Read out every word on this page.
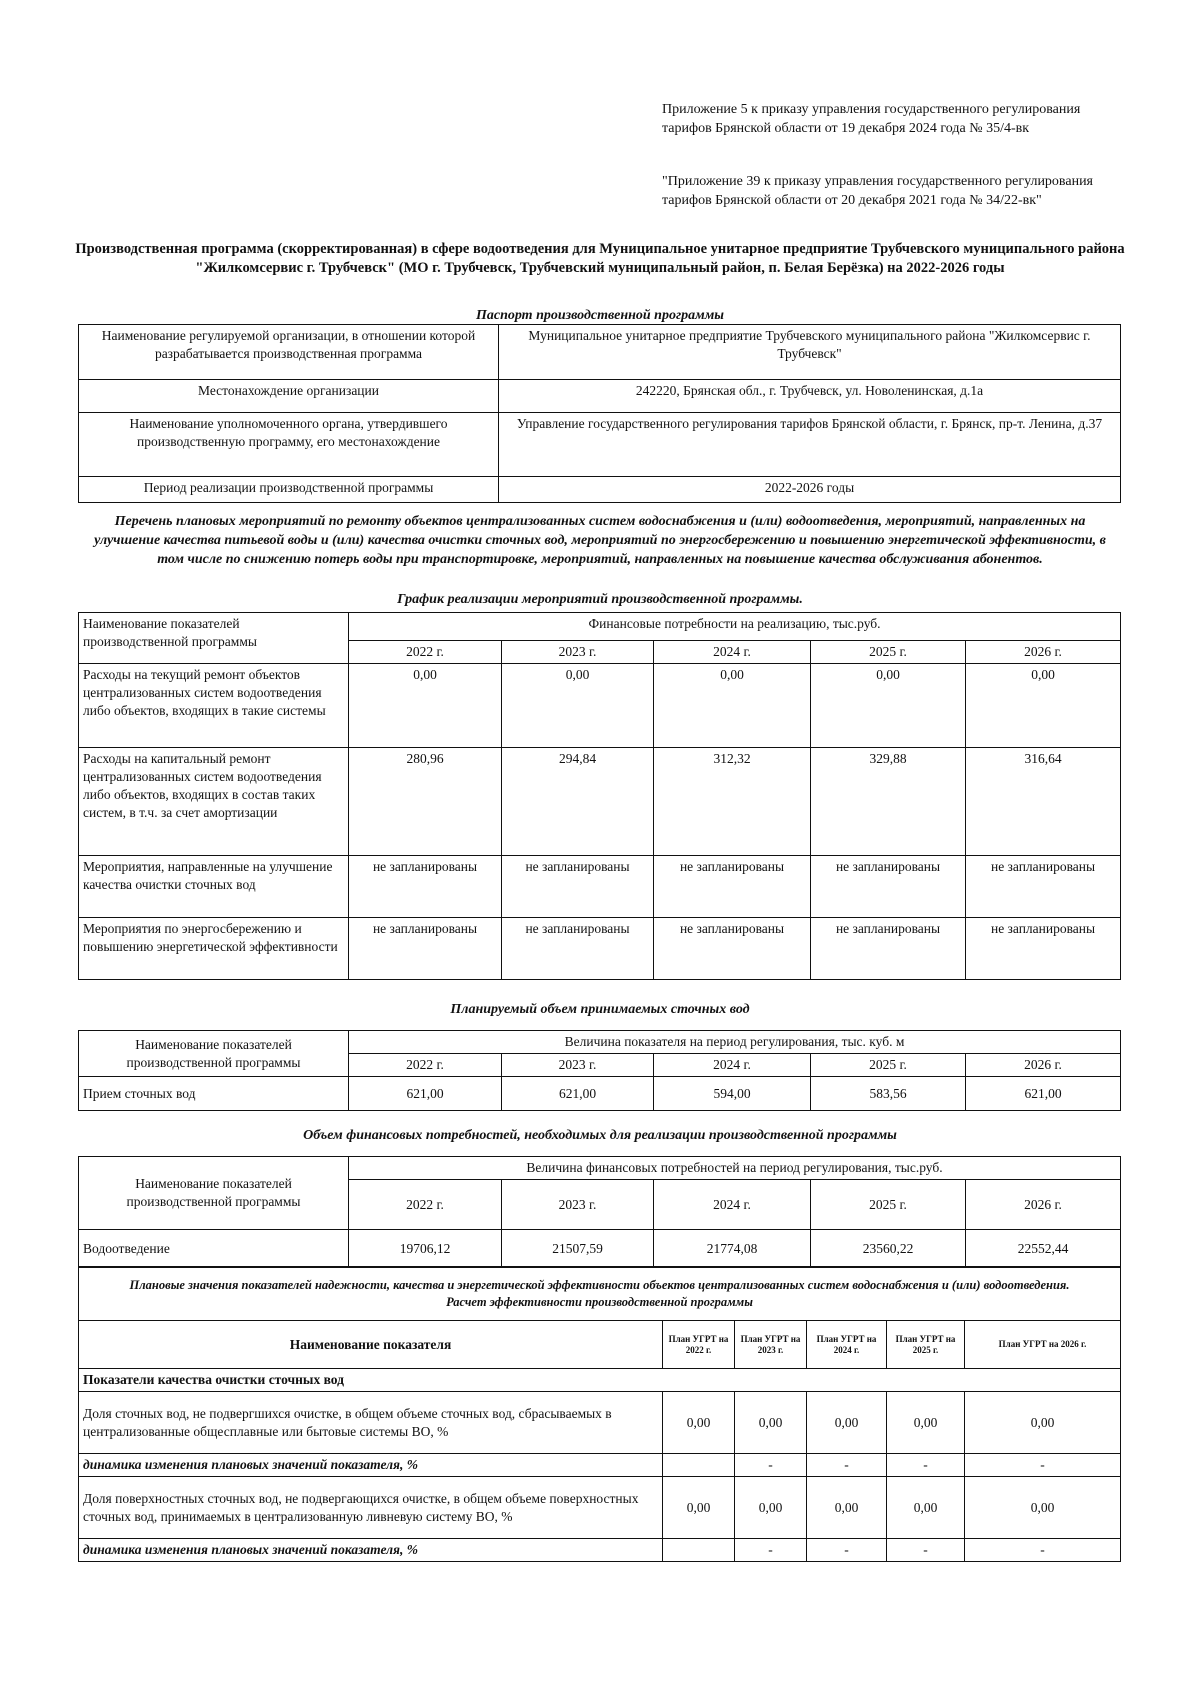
Приложение 5 к приказу управления государственного регулирования тарифов Брянской области от 19 декабря 2024 года № 35/4-вк
"Приложение 39 к приказу управления государственного регулирования тарифов Брянской области от 20 декабря 2021 года № 34/22-вк"
Производственная программа (скорректированная) в сфере водоотведения для Муниципальное унитарное предприятие Трубчевского муниципального района "Жилкомсервис г. Трубчевск" (МО г. Трубчевск, Трубчевский муниципальный район, п. Белая Берёзка) на 2022-2026 годы
Паспорт производственной программы
Наименование регулируемой организации, в отношении которой разрабатывается производственная программа	Муниципальное унитарное предприятие Трубчевского муниципального района "Жилкомсервис г. Трубчевск"
Местонахождение организации	242220, Брянская обл., г. Трубчевск, ул. Новоленинская, д.1а
Наименование уполномоченного органа, утвердившего производственную программу, его местонахождение	Управление государственного регулирования тарифов Брянской области, г. Брянск, пр-т. Ленина, д.37
Период реализации производственной программы	2022-2026 годы
Перечень плановых мероприятий по ремонту объектов централизованных систем водоснабжения и (или) водоотведения, мероприятий, направленных на улучшение качества питьевой воды и (или) качества очистки сточных вод, мероприятий по энергосбережению и повышению энергетической эффективности, в том числе по снижению потерь воды при транспортировке, мероприятий, направленных на повышение качества обслуживания абонентов.
График реализации мероприятий производственной программы.
Наименование показателей производственной программы	Финансовые потребности на реализацию, тыс.руб.				
	2022 г.	2023 г.	2024 г.	2025 г.	2026 г.
Расходы на текущий ремонт объектов централизованных систем водоотведения либо объектов, входящих в такие системы	0,00	0,00	0,00	0,00	0,00
Расходы на капитальный ремонт централизованных систем водоотведения либо объектов, входящих в состав таких систем, в т.ч. за счет амортизации	280,96	294,84	312,32	329,88	316,64
Мероприятия, направленные на улучшение качества очистки сточных вод	не запланированы	не запланированы	не запланированы	не запланированы	не запланированы
Мероприятия по энергосбережению и повышению энергетической эффективности	не запланированы	не запланированы	не запланированы	не запланированы	не запланированы
Планируемый объем принимаемых сточных вод
Наименование показателей производственной программы	Величина показателя на период регулирования, тыс. куб. м				
	2022 г.	2023 г.	2024 г.	2025 г.	2026 г.
Прием сточных вод	621,00	621,00	594,00	583,56	621,00
Объем финансовых потребностей, необходимых для реализации производственной программы
Наименование показателей производственной программы	Величина финансовых потребностей на период регулирования, тыс.руб.				
	2022 г.	2023 г.	2024 г.	2025 г.	2026 г.
Водоотведение	19706,12	21507,59	21774,08	23560,22	22552,44
Плановые значения показателей надежности, качества и энергетической эффективности объектов централизованных систем водоснабжения и (или) водоотведения.
Расчет эффективности производственной программы					

Наименование показателя	План УГРТ на 2022 г.	План УГРТ на 2023 г.	План УГРТ на 2024 г.	План УГРТ на 2025 г.	План УГРТ на 2026 г.
Показатели качества очистки сточных вод					
Доля сточных вод, не подвергшихся очистке, в общем объеме сточных вод, сбрасываемых в централизованные общесплавные или бытовые системы ВО, %	0,00	0,00	0,00	0,00	0,00
динамика изменения плановых значений показателя, %		-	-	-	-
Доля поверхностных сточных вод, не подвергающихся очистке, в общем объеме поверхностных сточных вод, принимаемых в централизованную ливневую систему ВО, %	0,00	0,00	0,00	0,00	0,00
динамика изменения плановых значений показателя, %		-	-	-	-
